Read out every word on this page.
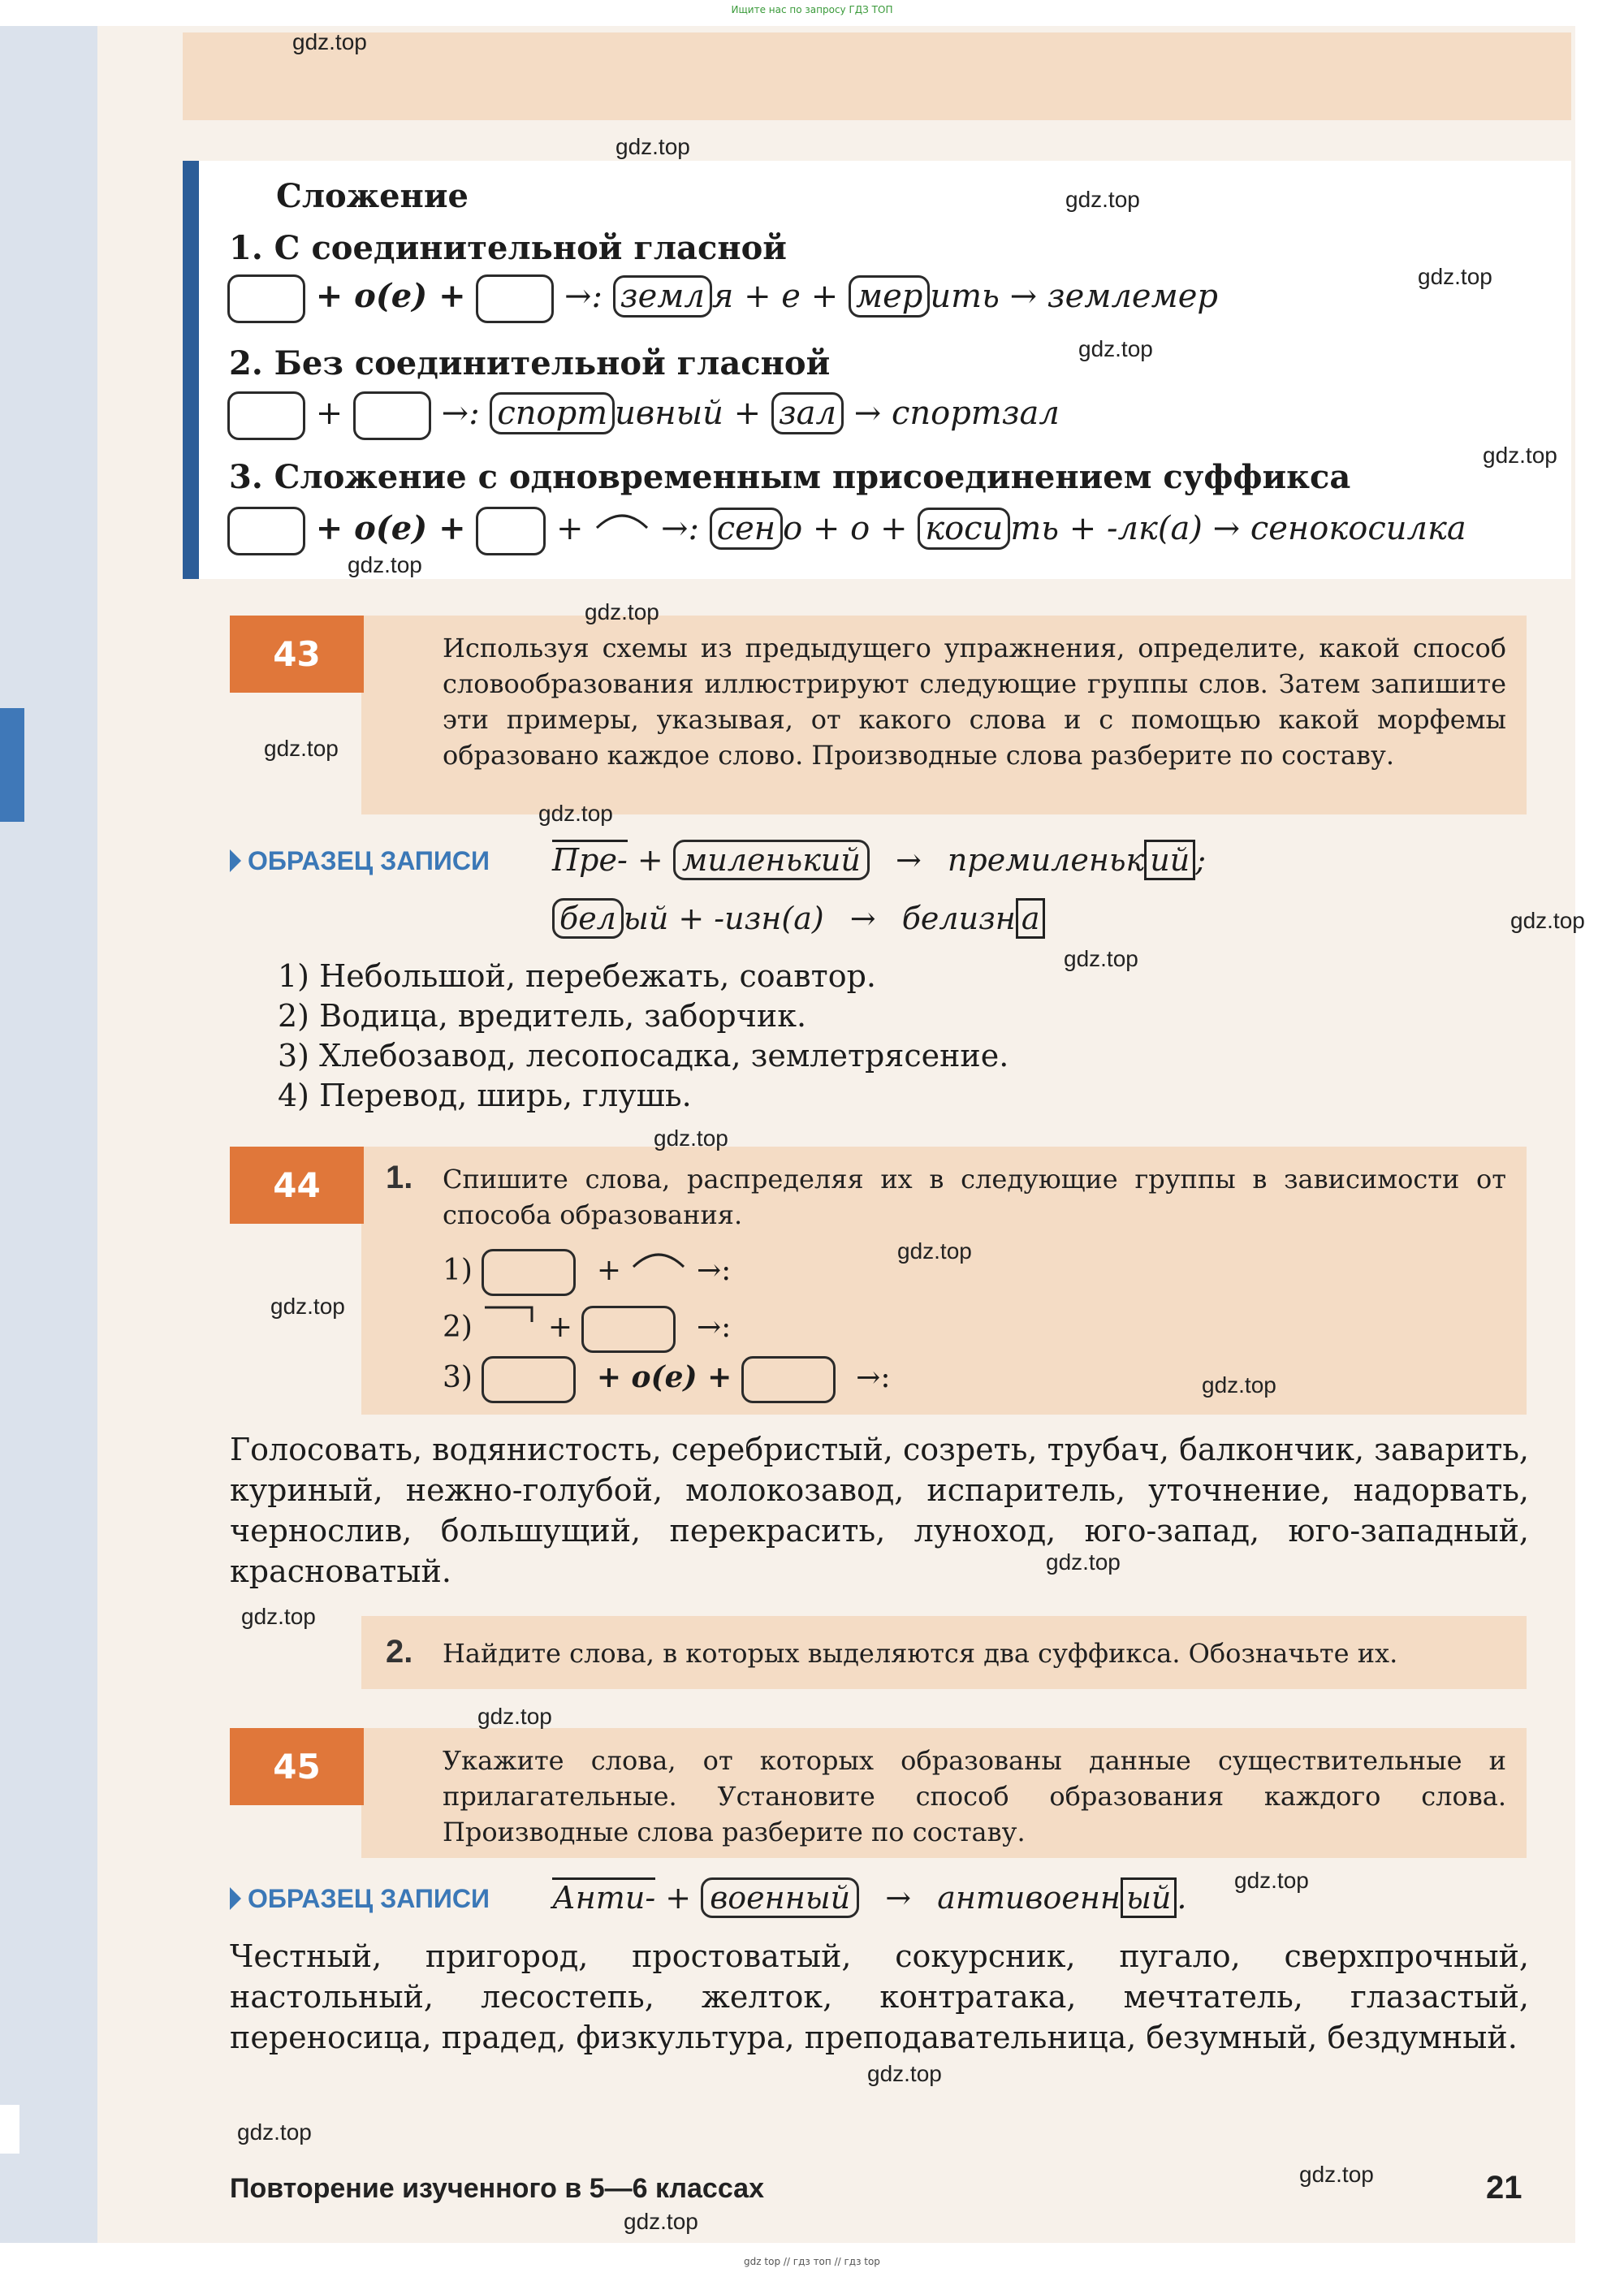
Ищите нас по запросу ГДЗ ТОП
Сложение
1. С соединительной гласной
+ о(е) +	→: земл я + е + мер ить → землемер
2. Без соединительной гласной
+	→: спорт ивный + зал → спортзал
3. Сложение с одновременным присоединением суффикса
+ о(е) +	+ →: сен о + о + коси ть + -лк(а) → сенокосилка
43	Используя схемы из предыдущего упражнения, определите, какой способ словообразования иллюстрируют следующие группы слов. Затем запишите эти примеры, указывая, от какого слова и с помощью какой морфемы образовано каждое слово. Производные слова разберите по составу.
ОБРАЗЕЦ ЗАПИСИ Пре- + миленький → премиленьк ий ;
бел ый + -изн(а) → белизн а
1) Небольшой, перебежать, соавтор.
2) Водица, вредитель, заборчик.
3) Хлебозавод, лесопосадка, землетрясение.
4) Перевод, ширь, глушь.
44	1. Спишите слова, распределяя их в следующие группы в зависимости от способа образования.
1)	+	→:
2)	+	→:
3)	+ о(е) +	→:
Голосовать, водянистость, серебристый, созреть, трубач, балкончик, заварить, куриный, нежно-голубой, молокозавод, испаритель, уточнение, надорвать, чернослив, большущий, перекрасить, луноход, юго-запад, юго-западный, красноватый.
2. Найдите слова, в которых выделяются два суффикса. Обозначьте их.
45	Укажите слова, от которых образованы данные существительные и прилагательные. Установите способ образования каждого слова. Производные слова разберите по составу.
ОБРАЗЕЦ ЗАПИСИ Анти- + военный → антивоенн ый .
Честный, пригород, простоватый, сокурсник, пугало, сверхпрочный, настольный, лесостепь, желток, контратака, мечтатель, глазастый, переносица, прадед, физкультура, преподавательница, безумный, бездумный.
Повторение изученного в 5—6 классах	21
gdz top // гдз топ // гдз top
gdz.top
gdz.top
gdz.top
gdz.top
gdz.top
gdz.top
gdz.top
gdz.top
gdz.top
gdz.top
gdz.top
gdz.top
gdz.top
gdz.top
gdz.top
gdz.top
gdz.top
gdz.top
gdz.top
gdz.top
gdz.top
gdz.top
gdz.top
gdz.top
